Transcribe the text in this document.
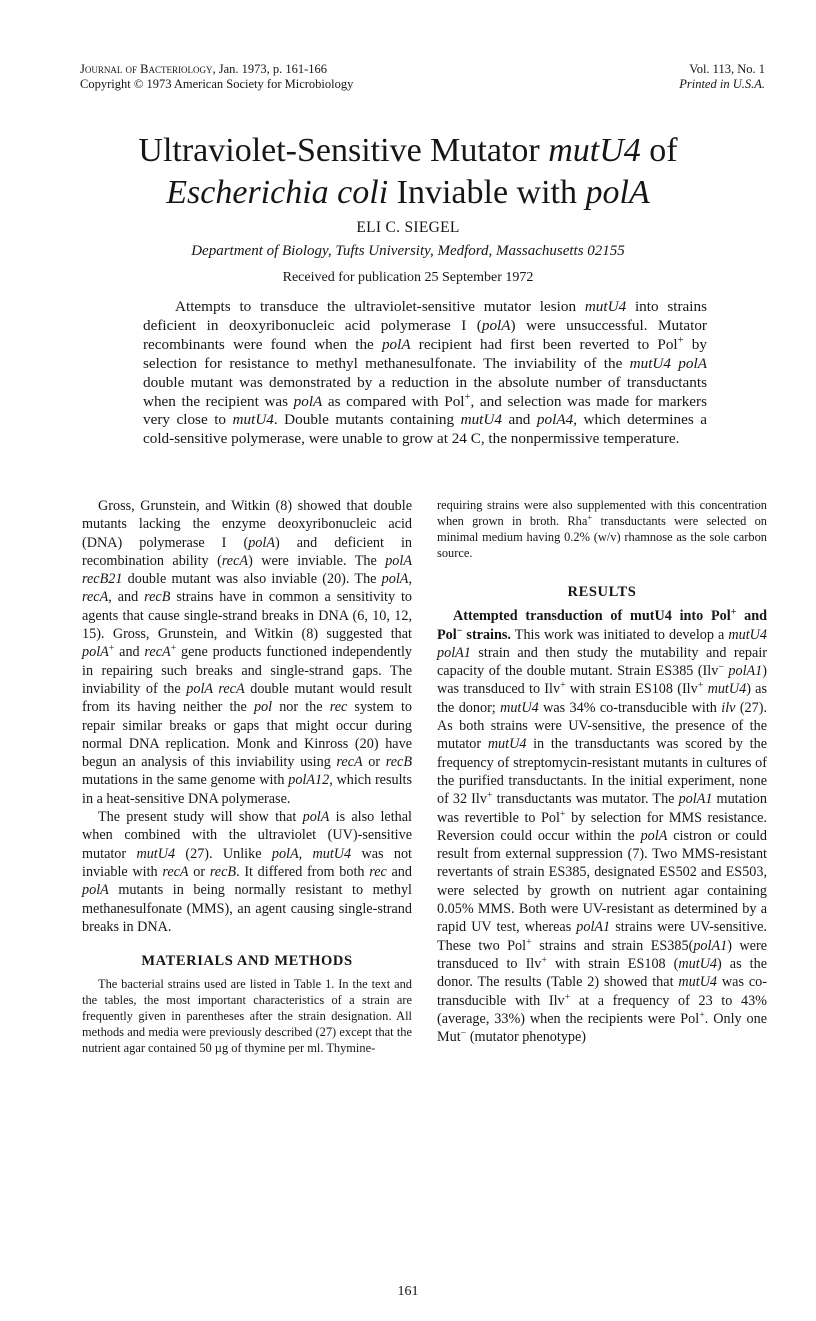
Journal of Bacteriology, Jan. 1973, p. 161-166
Copyright © 1973 American Society for Microbiology
Vol. 113, No. 1
Printed in U.S.A.
Ultraviolet-Sensitive Mutator mutU4 of
Escherichia coli Inviable with polA
ELI C. SIEGEL
Department of Biology, Tufts University, Medford, Massachusetts 02155
Received for publication 25 September 1972
Attempts to transduce the ultraviolet-sensitive mutator lesion mutU4 into strains deficient in deoxyribonucleic acid polymerase I (polA) were unsuccessful. Mutator recombinants were found when the polA recipient had first been reverted to Pol+ by selection for resistance to methyl methanesulfonate. The inviability of the mutU4 polA double mutant was demonstrated by a reduction in the absolute number of transductants when the recipient was polA as compared with Pol+, and selection was made for markers very close to mutU4. Double mutants containing mutU4 and polA4, which determines a cold-sensitive polymerase, were unable to grow at 24 C, the nonpermissive temperature.

Gross, Grunstein, and Witkin (8) showed that double mutants lacking the enzyme deoxyribonucleic acid (DNA) polymerase I (polA) and deficient in recombination ability (recA) were inviable. The polA recB21 double mutant was also inviable (20). The polA, recA, and recB strains have in common a sensitivity to agents that cause single-strand breaks in DNA (6, 10, 12, 15). Gross, Grunstein, and Witkin (8) suggested that polA+ and recA+ gene products functioned independently in repairing such breaks and single-strand gaps. The inviability of the polA recA double mutant would result from its having neither the pol nor the rec system to repair similar breaks or gaps that might occur during normal DNA replication. Monk and Kinross (20) have begun an analysis of this inviability using recA or recB mutations in the same genome with polA12, which results in a heat-sensitive DNA polymerase.

The present study will show that polA is also lethal when combined with the ultraviolet (UV)-sensitive mutator mutU4 (27). Unlike polA, mutU4 was not inviable with recA or recB. It differed from both rec and polA mutants in being normally resistant to methyl methanesulfonate (MMS), an agent causing single-strand breaks in DNA.

MATERIALS AND METHODS

The bacterial strains used are listed in Table 1. In the text and the tables, the most important characteristics of a strain are frequently given in parentheses after the strain designation. All methods and media were previously described (27) except that the nutrient agar contained 50 µg of thymine per ml. Thymine-

requiring strains were also supplemented with this concentration when grown in broth. Rha+ transductants were selected on minimal medium having 0.2% (w/v) rhamnose as the sole carbon source.

RESULTS

Attempted transduction of mutU4 into Pol+ and Pol− strains. This work was initiated to develop a mutU4 polA1 strain and then study the mutability and repair capacity of the double mutant. Strain ES385 (Ilv− polA1) was transduced to Ilv+ with strain ES108 (Ilv+ mutU4) as the donor; mutU4 was 34% co-transducible with ilv (27). As both strains were UV-sensitive, the presence of the mutator mutU4 in the transductants was scored by the frequency of streptomycin-resistant mutants in cultures of the purified transductants. In the initial experiment, none of 32 Ilv+ transductants was mutator. The polA1 mutation was revertible to Pol+ by selection for MMS resistance. Reversion could occur within the polA cistron or could result from external suppression (7). Two MMS-resistant revertants of strain ES385, designated ES502 and ES503, were selected by growth on nutrient agar containing 0.05% MMS. Both were UV-resistant as determined by a rapid UV test, whereas polA1 strains were UV-sensitive. These two Pol+ strains and strain ES385(polA1) were transduced to Ilv+ with strain ES108 (mutU4) as the donor. The results (Table 2) showed that mutU4 was co-transducible with Ilv+ at a frequency of 23 to 43% (average, 33%) when the recipients were Pol+. Only one Mut− (mutator phenotype)

161
